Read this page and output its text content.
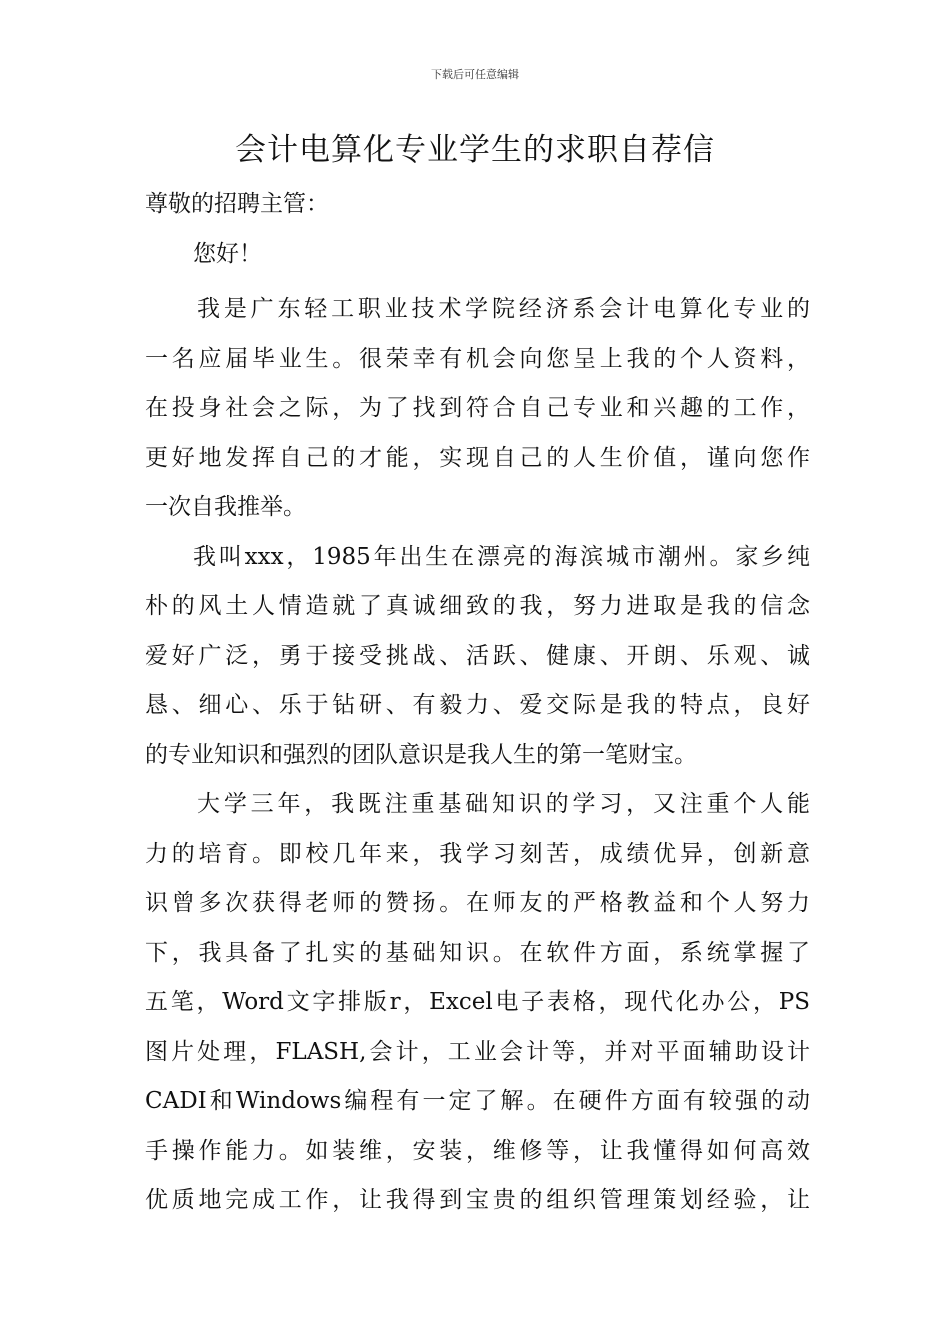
下载后可任意编辑
会计电算化专业学生的求职自荐信
尊敬的招聘主管：
您好！
我是广东轻工职业技术学院经济系会计电算化专业的
一名应届毕业生。很荣幸有机会向您呈上我的个人资料，
在投身社会之际，为了找到符合自己专业和兴趣的工作，
更好地发挥自己的才能，实现自己的人生价值，谨向您作
一次自我推举。
我叫xxx，1985年出生在漂亮的海滨城市潮州。家乡纯
朴的风土人情造就了真诚细致的我，努力进取是我的信念
爱好广泛，勇于接受挑战、活跃、健康、开朗、乐观、诚
恳、细心、乐于钻研、有毅力、爱交际是我的特点，良好
的专业知识和强烈的团队意识是我人生的第一笔财宝。
大学三年，我既注重基础知识的学习，又注重个人能
力的培育。即校几年来，我学习刻苦，成绩优异，创新意
识曾多次获得老师的赞扬。在师友的严格教益和个人努力
下，我具备了扎实的基础知识。在软件方面，系统掌握了
五笔，Word文字排版r，Excel电子表格，现代化办公，PS
图片处理，FLASH,会计，工业会计等，并对平面辅助设计
CADI和Windows编程有一定了解。在硬件方面有较强的动
手操作能力。如装维，安装，维修等，让我懂得如何高效
优质地完成工作，让我得到宝贵的组织管理策划经验，让
